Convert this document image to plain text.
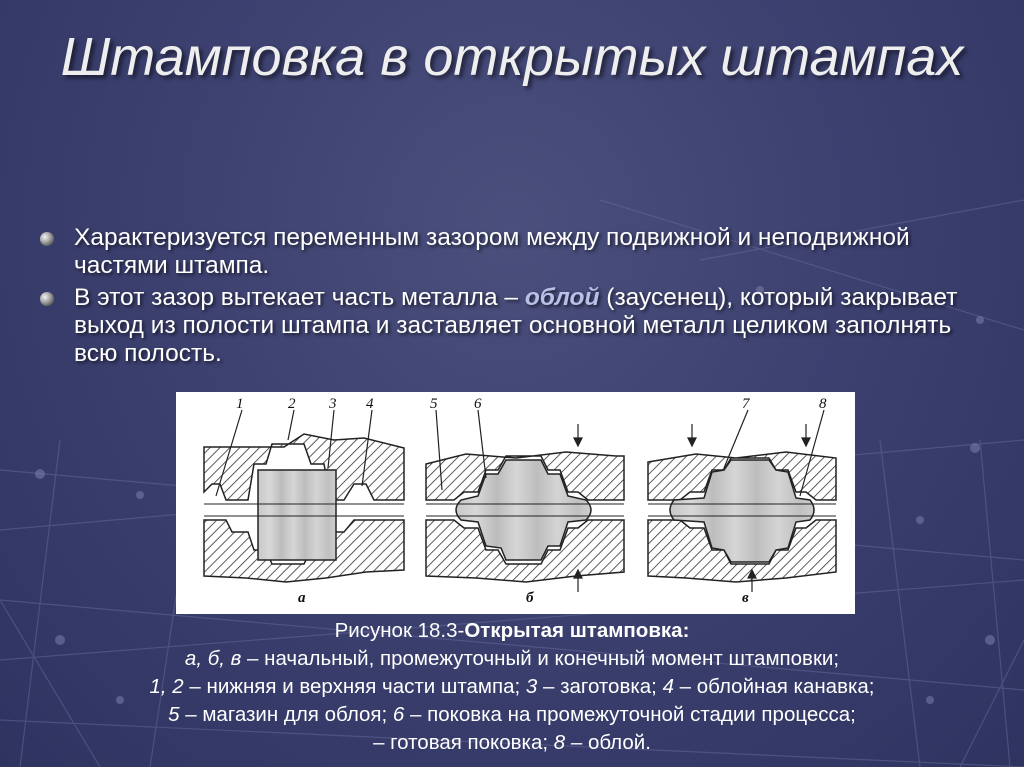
Штамповка в открытых штампах
Характеризуется переменным зазором между подвижной и неподвижной частями штампа.
В этот зазор вытекает часть металла – облой (заусенец), который закрывает выход из полости штампа и заставляет основной металл целиком заполнять всю полость.
1	2 3 4	5 6	7	8
а	б	в
Рисунок 18.3-Открытая штамповка:
а, б, в – начальный, промежуточный и конечный момент штамповки;
1, 2 – нижняя и верхняя части штампа; 3 – заготовка; 4 – облойная канавка;
5 – магазин для облоя; 6 – поковка на промежуточной стадии процесса;
– готовая поковка; 8 – облой.
